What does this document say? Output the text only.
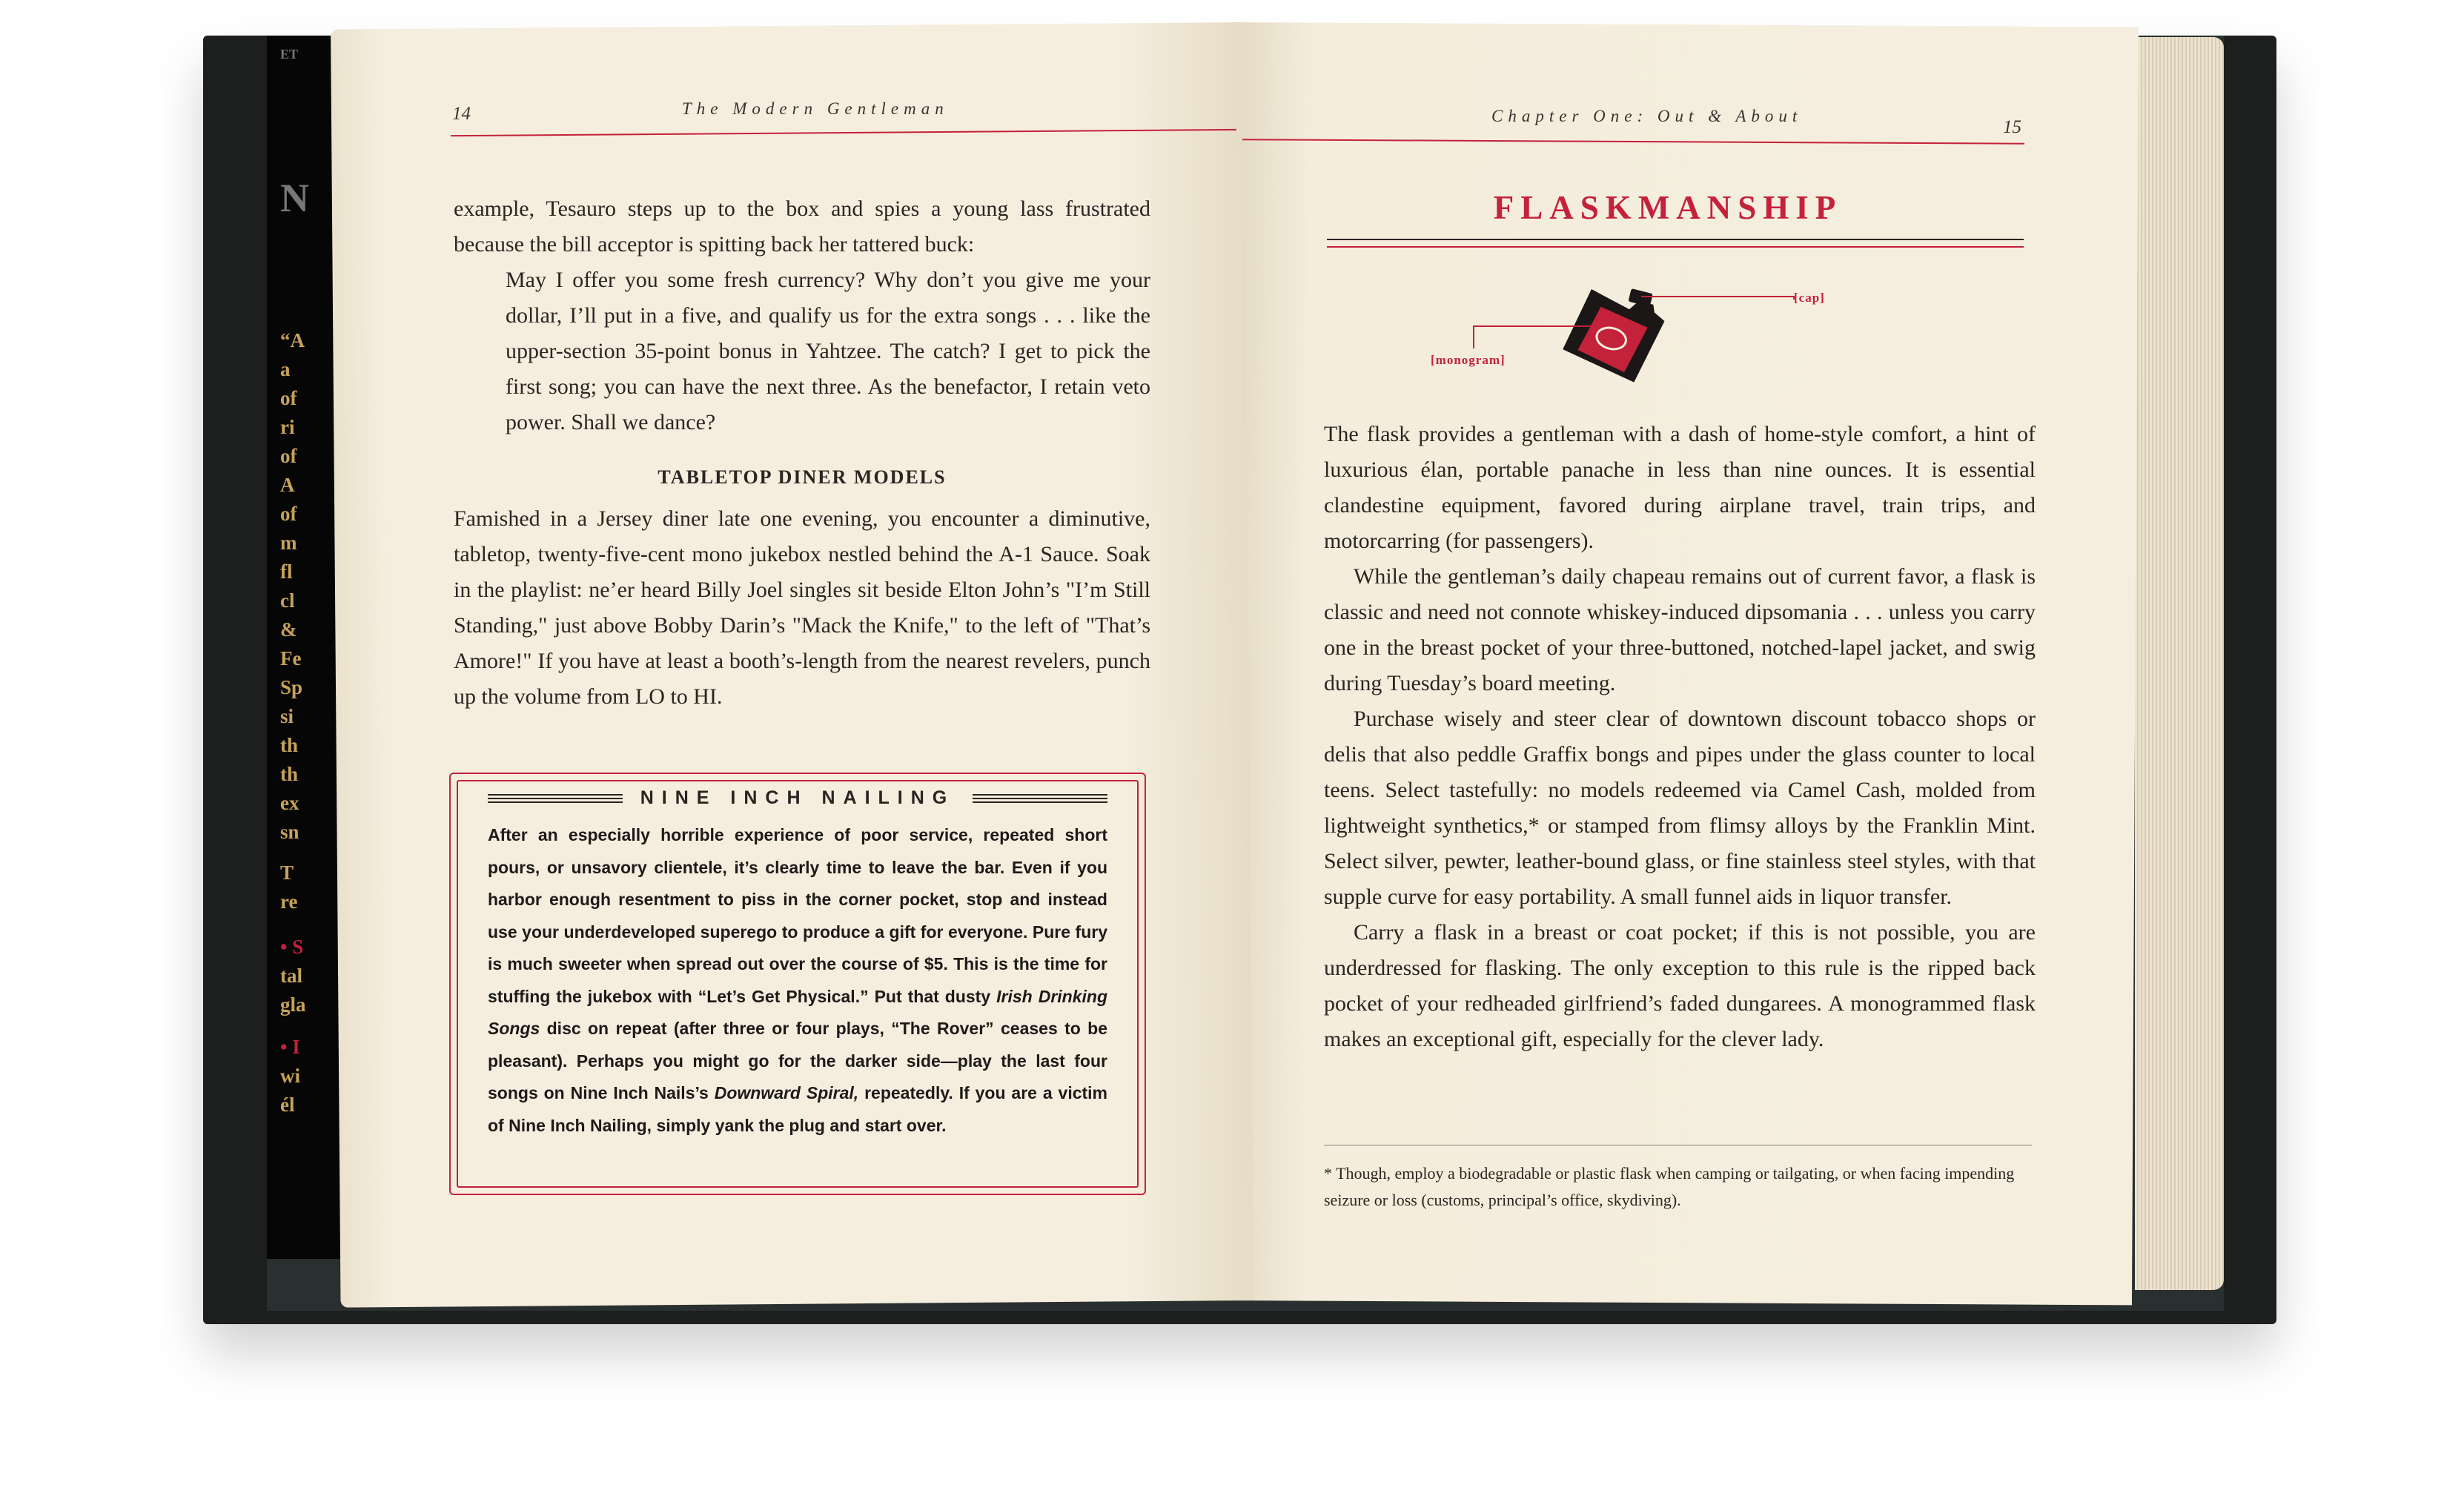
ET
N
“A
a
of
ri
of
A
of
m
fl
cl
&
Fe
Sp
si
th
th
ex
sn
T
re
• S
tal
gla
• I
wi
él
14	The Modern Gentleman

example, Tesauro steps up to the box and spies a young lass frustrated because the bill acceptor is spitting back her tattered buck:

May I offer you some fresh currency? Why don’t you give me your dollar, I’ll put in a five, and qualify us for the extra songs . . . like the upper-section 35-point bonus in Yahtzee. The catch? I get to pick the first song; you can have the next three. As the benefactor, I retain veto power. Shall we dance?

TABLETOP DINER MODELS

Famished in a Jersey diner late one evening, you encounter a diminutive, tabletop, twenty-five-cent mono jukebox nestled behind the A-1 Sauce. Soak in the playlist: ne’er heard Billy Joel singles sit beside Elton John’s "I’m Still Standing," just above Bobby Darin’s "Mack the Knife," to the left of "That’s Amore!" If you have at least a booth’s-length from the nearest revelers, punch up the volume from LO to HI.

NINE INCH NAILING
After an especially horrible experience of poor service, repeated short pours, or unsavory clientele, it’s clearly time to leave the bar. Even if you harbor enough resentment to piss in the corner pocket, stop and instead use your underdeveloped superego to produce a gift for everyone. Pure fury is much sweeter when spread out over the course of $5. This is the time for stuffing the jukebox with “Let’s Get Physical.” Put that dusty Irish Drinking Songs disc on repeat (after three or four plays, “The Rover” ceases to be pleasant). Perhaps you might go for the darker side—play the last four songs on Nine Inch Nails’s Downward Spiral, repeatedly. If you are a victim of Nine Inch Nailing, simply yank the plug and start over.
Chapter One: Out & About
15
FLASKMANSHIP
[cap]
[monogram]

The flask provides a gentleman with a dash of home-style comfort, a hint of luxurious élan, portable panache in less than nine ounces. It is essential clandestine equipment, favored during airplane travel, train trips, and motorcarring (for passengers).

While the gentleman’s daily chapeau remains out of current favor, a flask is classic and need not connote whiskey-induced dipsomania . . . unless you carry one in the breast pocket of your three-buttoned, notched-lapel jacket, and swig during Tuesday’s board meeting.

Purchase wisely and steer clear of downtown discount tobacco shops or delis that also peddle Graffix bongs and pipes under the glass counter to local teens. Select tastefully: no models redeemed via Camel Cash, molded from lightweight synthetics,* or stamped from flimsy alloys by the Franklin Mint. Select silver, pewter, leather-bound glass, or fine stainless steel styles, with that supple curve for easy portability. A small funnel aids in liquor transfer.

Carry a flask in a breast or coat pocket; if this is not possible, you are underdressed for flasking. The only exception to this rule is the ripped back pocket of your redheaded girlfriend’s faded dungarees. A monogrammed flask makes an exceptional gift, especially for the clever lady.

* Though, employ a biodegradable or plastic flask when camping or tailgating, or when facing impending seizure or loss (customs, principal’s office, skydiving).
